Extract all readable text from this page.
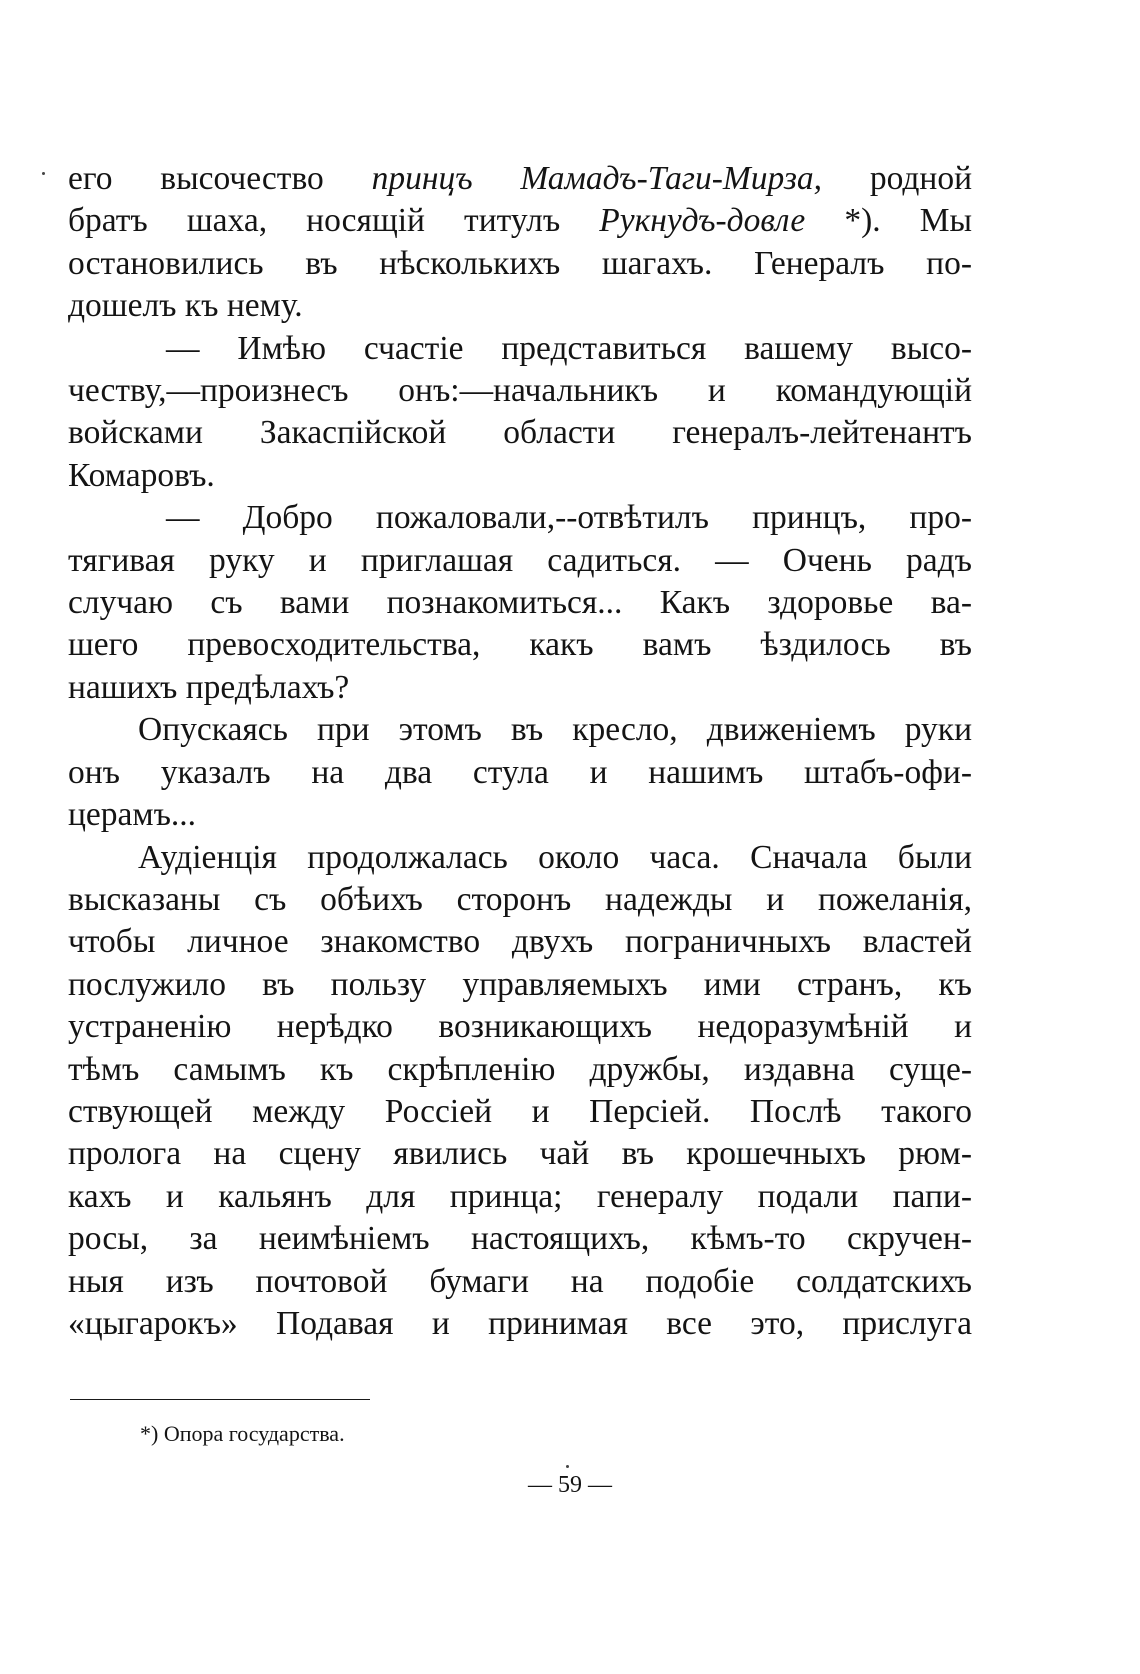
его высочество принцъ Мамадъ-Таги-Мирза, родной
братъ шаха, носящій титулъ Рукнудъ-довле *). Мы
остановились въ нѣсколькихъ шагахъ. Генералъ по-
дошелъ къ нему.

— Имѣю счастіе представиться вашему высо-
честву,—произнесъ онъ:—начальникъ и командующій
войсками Закаспійской области генералъ-лейтенантъ
Комаровъ.

— Добро пожаловали,--отвѣтилъ принцъ, про-
тягивая руку и приглашая садиться. — Очень радъ
случаю съ вами познакомиться... Какъ здоровье ва-
шего превосходительства, какъ вамъ ѣздилось въ
нашихъ предѣлахъ?

Опускаясь при этомъ въ кресло, движеніемъ руки
онъ указалъ на два стула и нашимъ штабъ-офи-
церамъ...

Аудіенція продолжалась около часа. Сначала были
высказаны съ обѣихъ сторонъ надежды и пожеланія,
чтобы личное знакомство двухъ пограничныхъ властей
послужило въ пользу управляемыхъ ими странъ, къ
устраненію нерѣдко возникающихъ недоразумѣній и
тѣмъ самымъ къ скрѣпленію дружбы, издавна суще-
ствующей между Россіей и Персіей. Послѣ такого
пролога на сцену явились чай въ крошечныхъ рюм-
кахъ и кальянъ для принца; генералу подали папи-
росы, за неимѣніемъ настоящихъ, кѣмъ-то скручен-
ныя изъ почтовой бумаги на подобіе солдатскихъ
«цыгарокъ» Подавая и принимая все это, прислуга

*) Опора государства.
— 59 —
